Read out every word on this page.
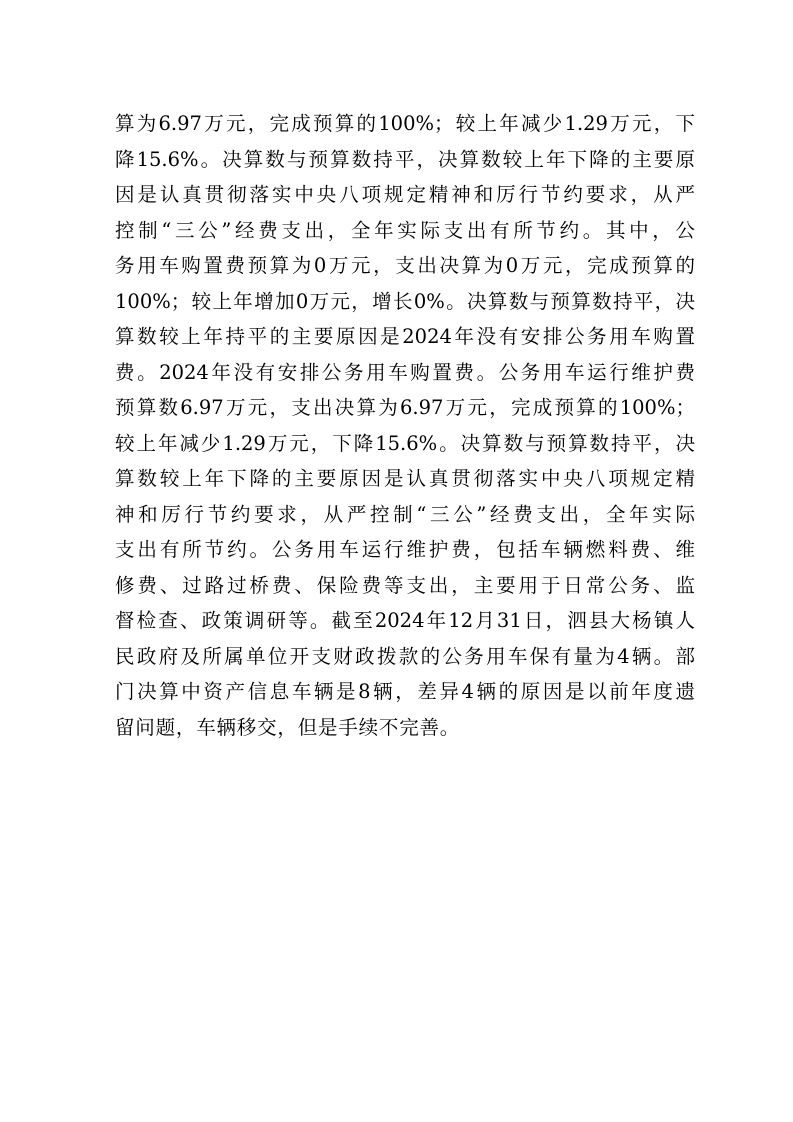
算为6.97万元，完成预算的100%；较上年减少1.29万元，下
降15.6%。决算数与预算数持平，决算数较上年下降的主要原
因是认真贯彻落实中央八项规定精神和厉行节约要求，从严
控制“三公”经费支出，全年实际支出有所节约。其中，公
务用车购置费预算为0万元，支出决算为0万元，完成预算的
100%；较上年增加0万元，增长0%。决算数与预算数持平，决
算数较上年持平的主要原因是2024年没有安排公务用车购置
费。2024年没有安排公务用车购置费。公务用车运行维护费
预算数6.97万元，支出决算为6.97万元，完成预算的100%；
较上年减少1.29万元，下降15.6%。决算数与预算数持平，决
算数较上年下降的主要原因是认真贯彻落实中央八项规定精
神和厉行节约要求，从严控制“三公”经费支出，全年实际
支出有所节约。公务用车运行维护费，包括车辆燃料费、维
修费、过路过桥费、保险费等支出，主要用于日常公务、监
督检查、政策调研等。截至2024年12月31日，泗县大杨镇人
民政府及所属单位开支财政拨款的公务用车保有量为4辆。部
门决算中资产信息车辆是8辆，差异4辆的原因是以前年度遗
留问题，车辆移交，但是手续不完善。
